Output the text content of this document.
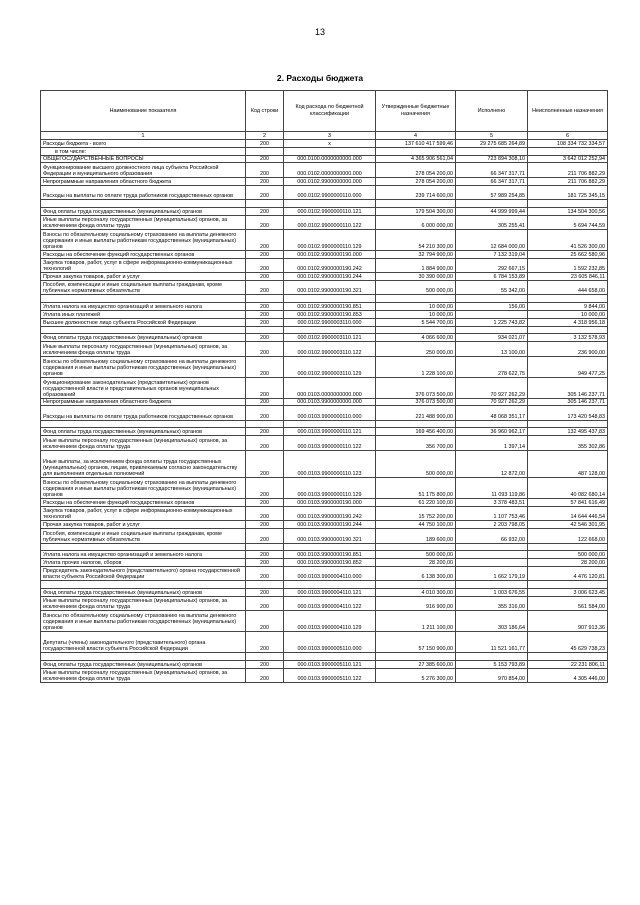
13
2. Расходы бюджета
Наименование показателя	Код строки	Код расхода по бюджетной классификации	Утвержденные бюджетные назначения	Исполнено	Неисполненные назначения
1	2	3	4	5	6
Расходы бюджета - всего	200	x	137 610 417 599,46	29 275 685 264,89	108 334 732 334,57
в том числе:					
ОБЩЕГОСУДАРСТВЕННЫЕ ВОПРОСЫ	200	000.0100.0000000000.000	4 365 906 561,04	723 894 308,10	3 642 012 252,94
Функционирование высшего должностного лица субъекта Российской Федерации и муниципального образования	200	000.0102.0000000000.000	278 054 200,00	66 347 317,71	211 706 882,29
Непрограммные направления областного бюджета	200	000.0102.9900000000.000	278 054 200,00	66 347 317,71	211 706 882,29
Расходы на выплаты по оплате труда работников государственных органов	200	000.0102.9900000110.000	239 714 600,00	57 989 254,85	181 725 345,15

Фонд оплаты труда государственных (муниципальных) органов	200	000.0102.9900000110.121	179 504 300,00	44 999 999,44	134 504 300,56
Иные выплаты персоналу государственных (муниципальных) органов, за исключением фонда оплаты труда	200	000.0102.9900000110.122	6 000 000,00	305 255,41	5 694 744,59
Взносы по обязательному социальному страхованию на выплаты денежного содержания и иные выплаты работникам государственных (муниципальных) органов	200	000.0102.9900000110.129	54 210 300,00	12 684 000,00	41 526 300,00
Расходы на обеспечение функций государственных органов	200	000.0102.9900000190.000	32 794 900,00	7 132 319,04	25 662 580,96
Закупка товаров, работ, услуг в сфере информационно-коммуникационных технологий	200	000.0102.9900000190.242	1 884 900,00	292 667,15	1 592 232,85
Прочая закупка товаров, работ и услуг	200	000.0102.9900000190.244	30 390 000,00	6 784 153,89	23 605 846,11
Пособия, компенсации и иные социальные выплаты гражданам, кроме публичных нормативных обязательств	200	000.0102.9900000190.321	500 000,00	55 342,00	444 658,00

Уплата налога на имущество организаций и земельного налога	200	000.0102.9900000190.851	10 000,00	156,00	9 844,00
Уплата иных платежей	200	000.0102.9900000190.853	10 000,00		10 000,00
Высшее должностное лицо субъекта Российской Федерации	200	000.0102.9900003110.000	5 544 700,00	1 225 743,82	4 318 956,18

Фонд оплаты труда государственных (муниципальных) органов	200	000.0102.9900003110.121	4 066 600,00	934 021,07	3 132 578,93
Иные выплаты персоналу государственных (муниципальных) органов, за исключением фонда оплаты труда	200	000.0102.9900003110.122	250 000,00	13 100,00	236 900,00
Взносы по обязательному социальному страхованию на выплаты денежного содержания и иные выплаты работникам государственных (муниципальных) органов	200	000.0102.9900003110.129	1 228 100,00	278 622,75	949 477,25
Функционирование законодательных (представительных) органов государственной власти и представительных органов муниципальных образований	200	000.0103.0000000000.000	376 073 500,00	70 927 262,29	305 146 237,71
Непрограммные направления областного бюджета	200	000.0103.9900000000.000	376 073 500,00	70 927 262,29	305 146 237,71
Расходы на выплаты по оплате труда работников государственных органов	200	000.0103.9900000110.000	221 488 900,00	48 068 351,17	173 420 548,83

Фонд оплаты труда государственных (муниципальных) органов	200	000.0103.9900000110.121	169 456 400,00	36 960 962,17	132 495 437,83
Иные выплаты персоналу государственных (муниципальных) органов, за исключением фонда оплаты труда	200	000.0103.9900000110.122	356 700,00	1 397,14	355 302,86
Иные выплаты, за исключением фонда оплаты труда государственных (муниципальных) органов, лицам, привлекаемым согласно законодательству для выполнения отдельных полномочий	200	000.0103.9900000110.123	500 000,00	12 872,00	487 128,00
Взносы по обязательному социальному страхованию на выплаты денежного содержания и иные выплаты работникам государственных (муниципальных) органов	200	000.0103.9900000110.129	51 175 800,00	11 093 119,86	40 082 680,14
Расходы на обеспечение функций государственных органов	200	000.0103.9900000190.000	61 220 100,00	3 378 483,51	57 841 616,49
Закупка товаров, работ, услуг в сфере информационно-коммуникационных технологий	200	000.0103.9900000190.242	15 752 200,00	1 107 753,46	14 644 446,54
Прочая закупка товаров, работ и услуг	200	000.0103.9900000190.244	44 750 100,00	2 203 798,05	42 546 301,95
Пособия, компенсации и иные социальные выплаты гражданам, кроме публичных нормативных обязательств	200	000.0103.9900000190.321	189 600,00	66 932,00	122 668,00

Уплата налога на имущество организаций и земельного налога	200	000.0103.9900000190.851	500 000,00		500 000,00
Уплата прочих налогов, сборов	200	000.0103.9900000190.852	28 200,00		28 200,00
Председатель законодательного (представительного) органа государственной власти субъекта Российской Федерации	200	000.0103.9900004110.000	6 138 300,00	1 662 179,19	4 476 120,81

Фонд оплаты труда государственных (муниципальных) органов	200	000.0103.9900004110.121	4 010 300,00	1 003 676,55	3 006 623,45
Иные выплаты персоналу государственных (муниципальных) органов, за исключением фонда оплаты труда	200	000.0103.9900004110.122	916 900,00	355 316,00	561 584,00
Взносы по обязательному социальному страхованию на выплаты денежного содержания и иные выплаты работникам государственных (муниципальных) органов	200	000.0103.9900004110.129	1 211 100,00	303 186,64	907 913,36
Депутаты (члены) законодательного (представительного) органа государственной власти субъекта Российской Федерации	200	000.0103.9900005110.000	57 150 900,00	11 521 161,77	45 629 738,23

Фонд оплаты труда государственных (муниципальных) органов	200	000.0103.9900005110.121	27 385 600,00	5 153 793,89	22 231 806,11
Иные выплаты персоналу государственных (муниципальных) органов, за исключением фонда оплаты труда	200	000.0103.9900005110.122	5 276 300,00	970 854,00	4 305 446,00
